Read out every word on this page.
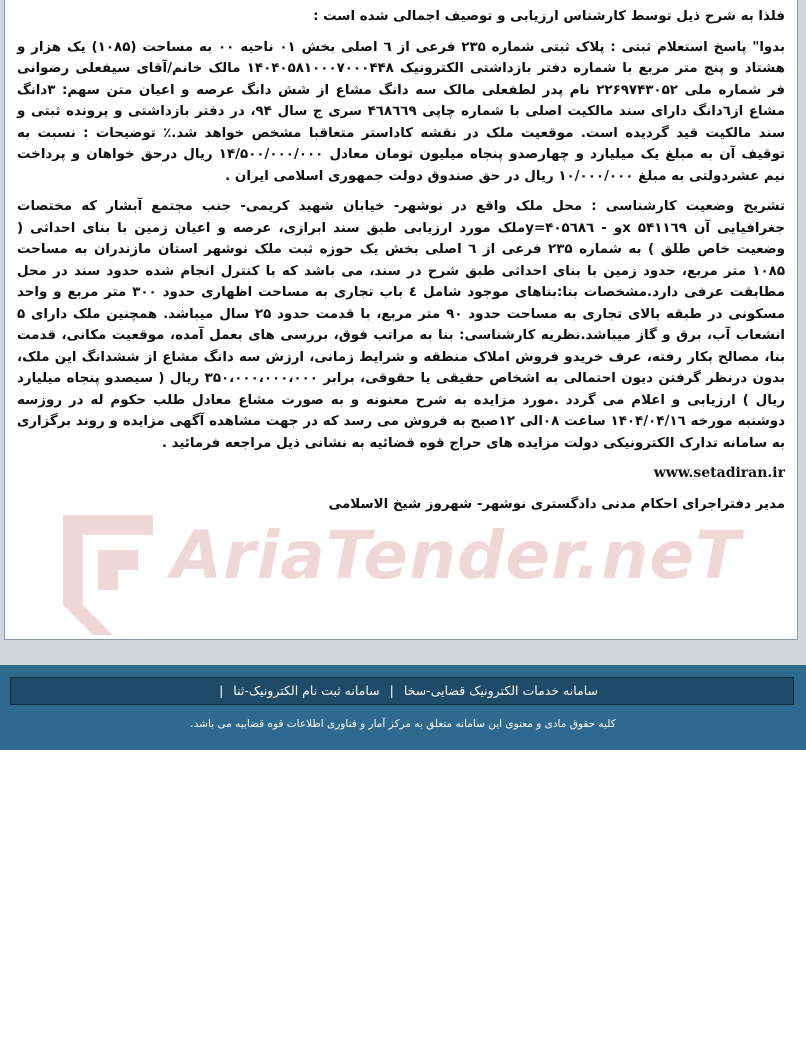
فلذا به شرح ذیل توسط کارشناس ارزیابی و توصیف اجمالی شده است :

بدوا" پاسخ استعلام ثبتی : پلاک ثبتی شماره ۲۳۵ فرعی از ٦ اصلی بخش ۰۱ ناحیه ۰۰ به مساحت (۱۰۸۵) یک هزار و هشتاد و پنج متر مربع با شماره دفتر بازداشتی الکترونیک ۱۴۰۴۰۵۸۱۰۰۰۷۰۰۰۴۴۸ مالک خانم/آقای سیفعلی رضوانی فر شماره ملی ۲۲۶۹۷۴۳۰۵۲ نام پدر لطفعلی مالک سه دانگ مشاع از شش دانگ عرصه و اعیان متن سهم: ۳دانگ مشاع از٦دانگ دارای سند مالکیت اصلی با شماره چاپی ۴٦۸٦٦۹ سری ج سال ۹۴، در دفتر بازداشتی و پرونده ثبتی و سند مالکیت قید گردیده است. موقعیت ملک در نقشه کاداستر متعاقبا مشخص خواهد شد.٪ توضیحات : نسبت به توقیف آن به مبلغ یک میلیارد و چهارصدو پنجاه میلیون تومان معادل ۱۴/۵۰۰/۰۰۰/۰۰۰ ریال درحق خواهان و پرداخت نیم عشردولتی به مبلغ ۱۰/۰۰۰/۰۰۰ ریال در حق صندوق دولت جمهوری اسلامی ایران .

تشریح وضعیت کارشناسی : محل ملک واقع در نوشهر- خیابان شهید کریمی- جنب مجتمع آبشار که مختصات جغرافیایی آن x ۵۴۱۱٦۹و - ۴۰۵٦۸٦=yملک مورد ارزیابی طبق سند ابرازی، عرصه و اعیان زمین با بنای احداثی ( وضعیت خاص طلق ) به شماره ۲۳۵ فرعی از ٦ اصلی بخش یک حوزه ثبت ملک نوشهر استان مازندران به مساحت ۱۰۸۵ متر مربع، حدود زمین با بنای احداثی طبق شرح در سند، می باشد که با کنترل انجام شده حدود سند در محل مطابقت عرفی دارد.مشخصات بنا:بناهای موجود شامل ٤ باب تجاری به مساحت اظهاری حدود ۳۰۰ متر مربع و واحد مسکونی در طبقه بالای تجاری به مساحت حدود ۹۰ متر مربع، با قدمت حدود ۲۵ سال میباشد. همچنین ملک دارای ۵ انشعاب آب، برق و گاز میباشد.نظریه کارشناسی: بنا به مراتب فوق، بررسی های بعمل آمده، موقعیت مکانی، قدمت بنا، مصالح بکار رفته، عرف خریدو فروش املاک منطقه و شرایط زمانی، ارزش سه دانگ مشاع از ششدانگ این ملک، بدون درنظر گرفتن دیون احتمالی به اشخاص حقیقی یا حقوقی، برابر ۳۵۰،۰۰۰،۰۰۰،۰۰۰ ریال ( سیصدو پنجاه میلیارد ریال ) ارزیابی و اعلام می گردد .مورد مزایده به شرح معنونه و به صورت مشاع معادل طلب حکوم له در روزسه دوشنبه مورخه ۱۴۰۴/۰۴/۱٦ ساعت ۰۸الی ۱۲صبح به فروش می رسد که در جهت مشاهده آگهی مزایده و روند برگزاری به سامانه تدارک الکترونیکی دولت مزایده های حراج قوه قضائیه به نشانی ذیل مراجعه فرمائید .

www.setadiran.ir

مدیر دفتراجرای احکام مدنی دادگستری نوشهر- شهروز شیخ الاسلامی

AriaTender.neT
سامانه خدمات الکترونیک قضایی-سخا | سامانه ثبت نام الکترونیک-ثنا |
کلیه حقوق مادی و معنوی این سامانه متعلق به مرکز آمار و فناوری اطلاعات قوه قضاییه می باشد.
